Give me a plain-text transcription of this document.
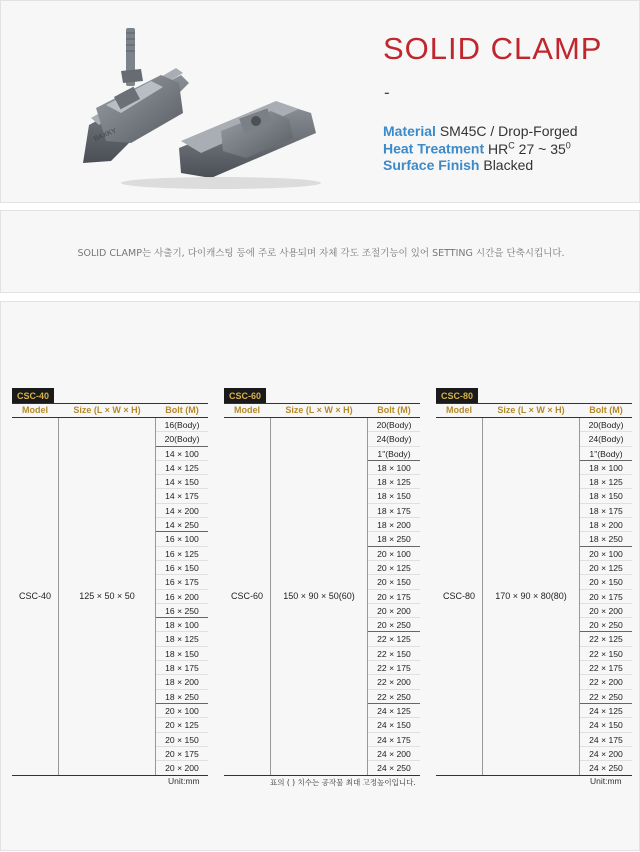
BAXKY
SOLID CLAMP
-
Material SM45C / Drop-Forged
Heat Treatment $HR^C$ 27 ~ $35^0$
Surface Finish Blacked
SOLID CLAMP는 사출기, 다이캐스팅 등에 주로 사용되며 자체 각도 조절기능이 있어 SETTING 시간을 단축시킵니다.
CSC-40
Model	Size (L × W × H)	Bolt (M)
CSC-40	125 × 50 × 50
16(Body)
20(Body)
14 × 100
14 × 125
14 × 150
14 × 175
14 × 200
14 × 250
16 × 100
16 × 125
16 × 150
16 × 175
16 × 200
16 × 250
18 × 100
18 × 125
18 × 150
18 × 175
18 × 200
18 × 250
20 × 100
20 × 125
20 × 150
20 × 175
20 × 200
CSC-60
Model	Size (L × W × H)	Bolt (M)
CSC-60	150 × 90 × 50(60)
20(Body)
24(Body)
1"(Body)
18 × 100
18 × 125
18 × 150
18 × 175
18 × 200
18 × 250
20 × 100
20 × 125
20 × 150
20 × 175
20 × 200
20 × 250
22 × 125
22 × 150
22 × 175
22 × 200
22 × 250
24 × 125
24 × 150
24 × 175
24 × 200
24 × 250
CSC-80
Model	Size (L × W × H)	Bolt (M)
CSC-80	170 × 90 × 80(80)
20(Body)
24(Body)
1"(Body)
18 × 100
18 × 125
18 × 150
18 × 175
18 × 200
18 × 250
20 × 100
20 × 125
20 × 150
20 × 175
20 × 200
20 × 250
22 × 125
22 × 150
22 × 175
22 × 200
22 × 250
24 × 125
24 × 150
24 × 175
24 × 200
24 × 250
Unit:mm	표의 ( ) 치수는 공작물 최대 고정높이입니다.	Unit:mm
